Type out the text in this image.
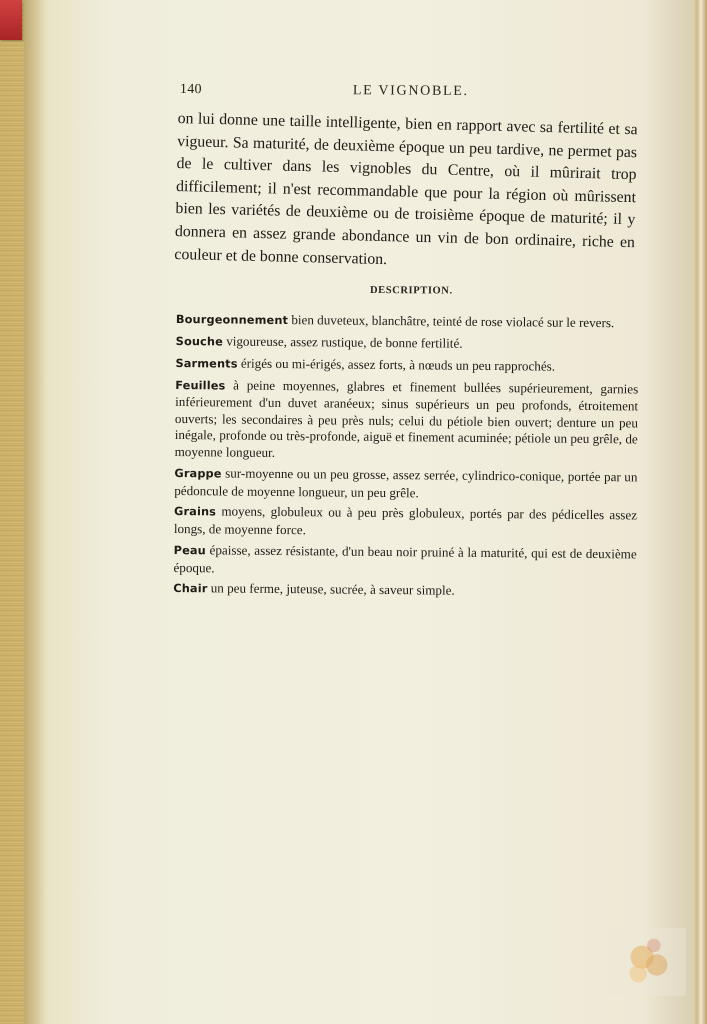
140	LE VIGNOBLE.

on lui donne une taille intelligente, bien en rapport avec sa fertilité et sa vigueur. Sa maturité, de deuxième époque un peu tardive, ne permet pas de le cultiver dans les vignobles du Centre, où il mûrirait trop difficilement; il n'est recommandable que pour la région où mûrissent bien les variétés de deuxième ou de troisième époque de maturité; il y donnera en assez grande abondance un vin de bon ordinaire, riche en couleur et de bonne conservation.

DESCRIPTION.

Bourgeonnement bien duveteux, blanchâtre, teinté de rose violacé sur le revers.

Souche vigoureuse, assez rustique, de bonne fertilité.

Sarments érigés ou mi-érigés, assez forts, à nœuds un peu rapprochés.

Feuilles à peine moyennes, glabres et finement bullées supérieurement, garnies inférieurement d'un duvet aranéeux; sinus supérieurs un peu profonds, étroitement ouverts; les secondaires à peu près nuls; celui du pétiole bien ouvert; denture un peu inégale, profonde ou très-profonde, aiguë et finement acuminée; pétiole un peu grêle, de moyenne longueur.

Grappe sur-moyenne ou un peu grosse, assez serrée, cylindrico-conique, portée par un pédoncule de moyenne longueur, un peu grêle.

Grains moyens, globuleux ou à peu près globuleux, portés par des pédicelles assez longs, de moyenne force.

Peau épaisse, assez résistante, d'un beau noir pruiné à la maturité, qui est de deuxième époque.

Chair un peu ferme, juteuse, sucrée, à saveur simple.
